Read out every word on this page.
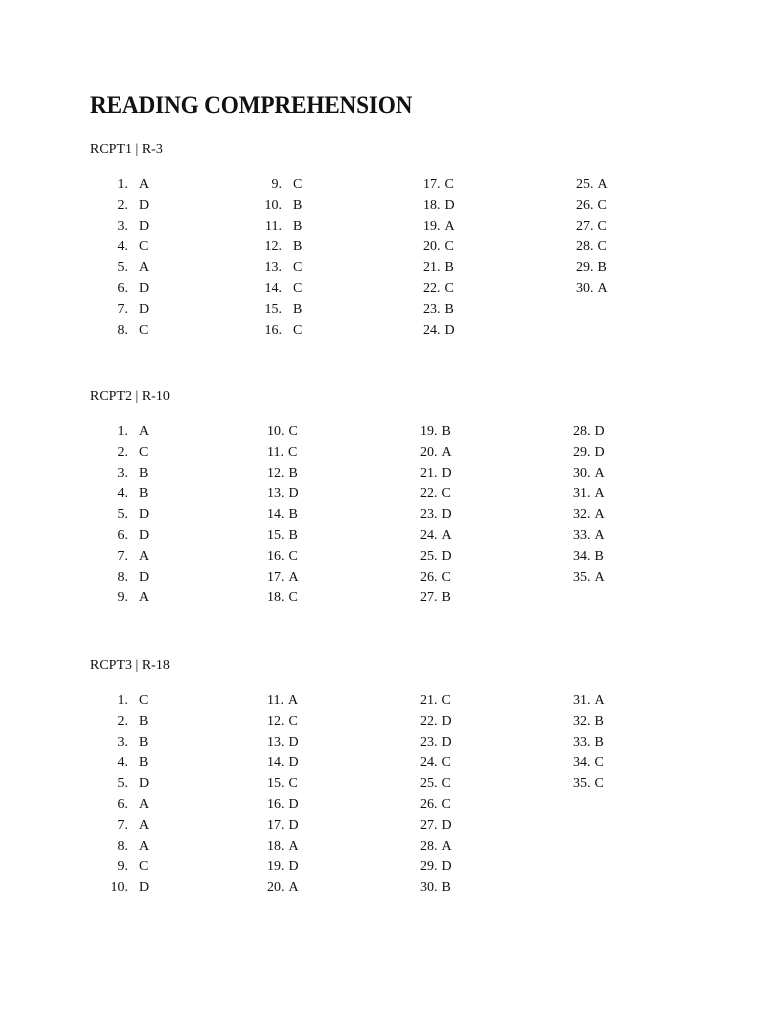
READING COMPREHENSION
RCPT1 | R-3
1. A
2. D
3. D
4. C
5. A
6. D
7. D
8. C
9. C
10. B
11. B
12. B
13. C
14. C
15. B
16. C
17. C
18. D
19. A
20. C
21. B
22. C
23. B
24. D
25. A
26. C
27. C
28. C
29. B
30. A
RCPT2 | R-10
1. A
2. C
3. B
4. B
5. D
6. D
7. A
8. D
9. A
10. C
11. C
12. B
13. D
14. B
15. B
16. C
17. A
18. C
19. B
20. A
21. D
22. C
23. D
24. A
25. D
26. C
27. B
28. D
29. D
30. A
31. A
32. A
33. A
34. B
35. A
RCPT3 | R-18
1. C
2. B
3. B
4. B
5. D
6. A
7. A
8. A
9. C
10. D
11. A
12. C
13. D
14. D
15. C
16. D
17. D
18. A
19. D
20. A
21. C
22. D
23. D
24. C
25. C
26. C
27. D
28. A
29. D
30. B
31. A
32. B
33. B
34. C
35. C
